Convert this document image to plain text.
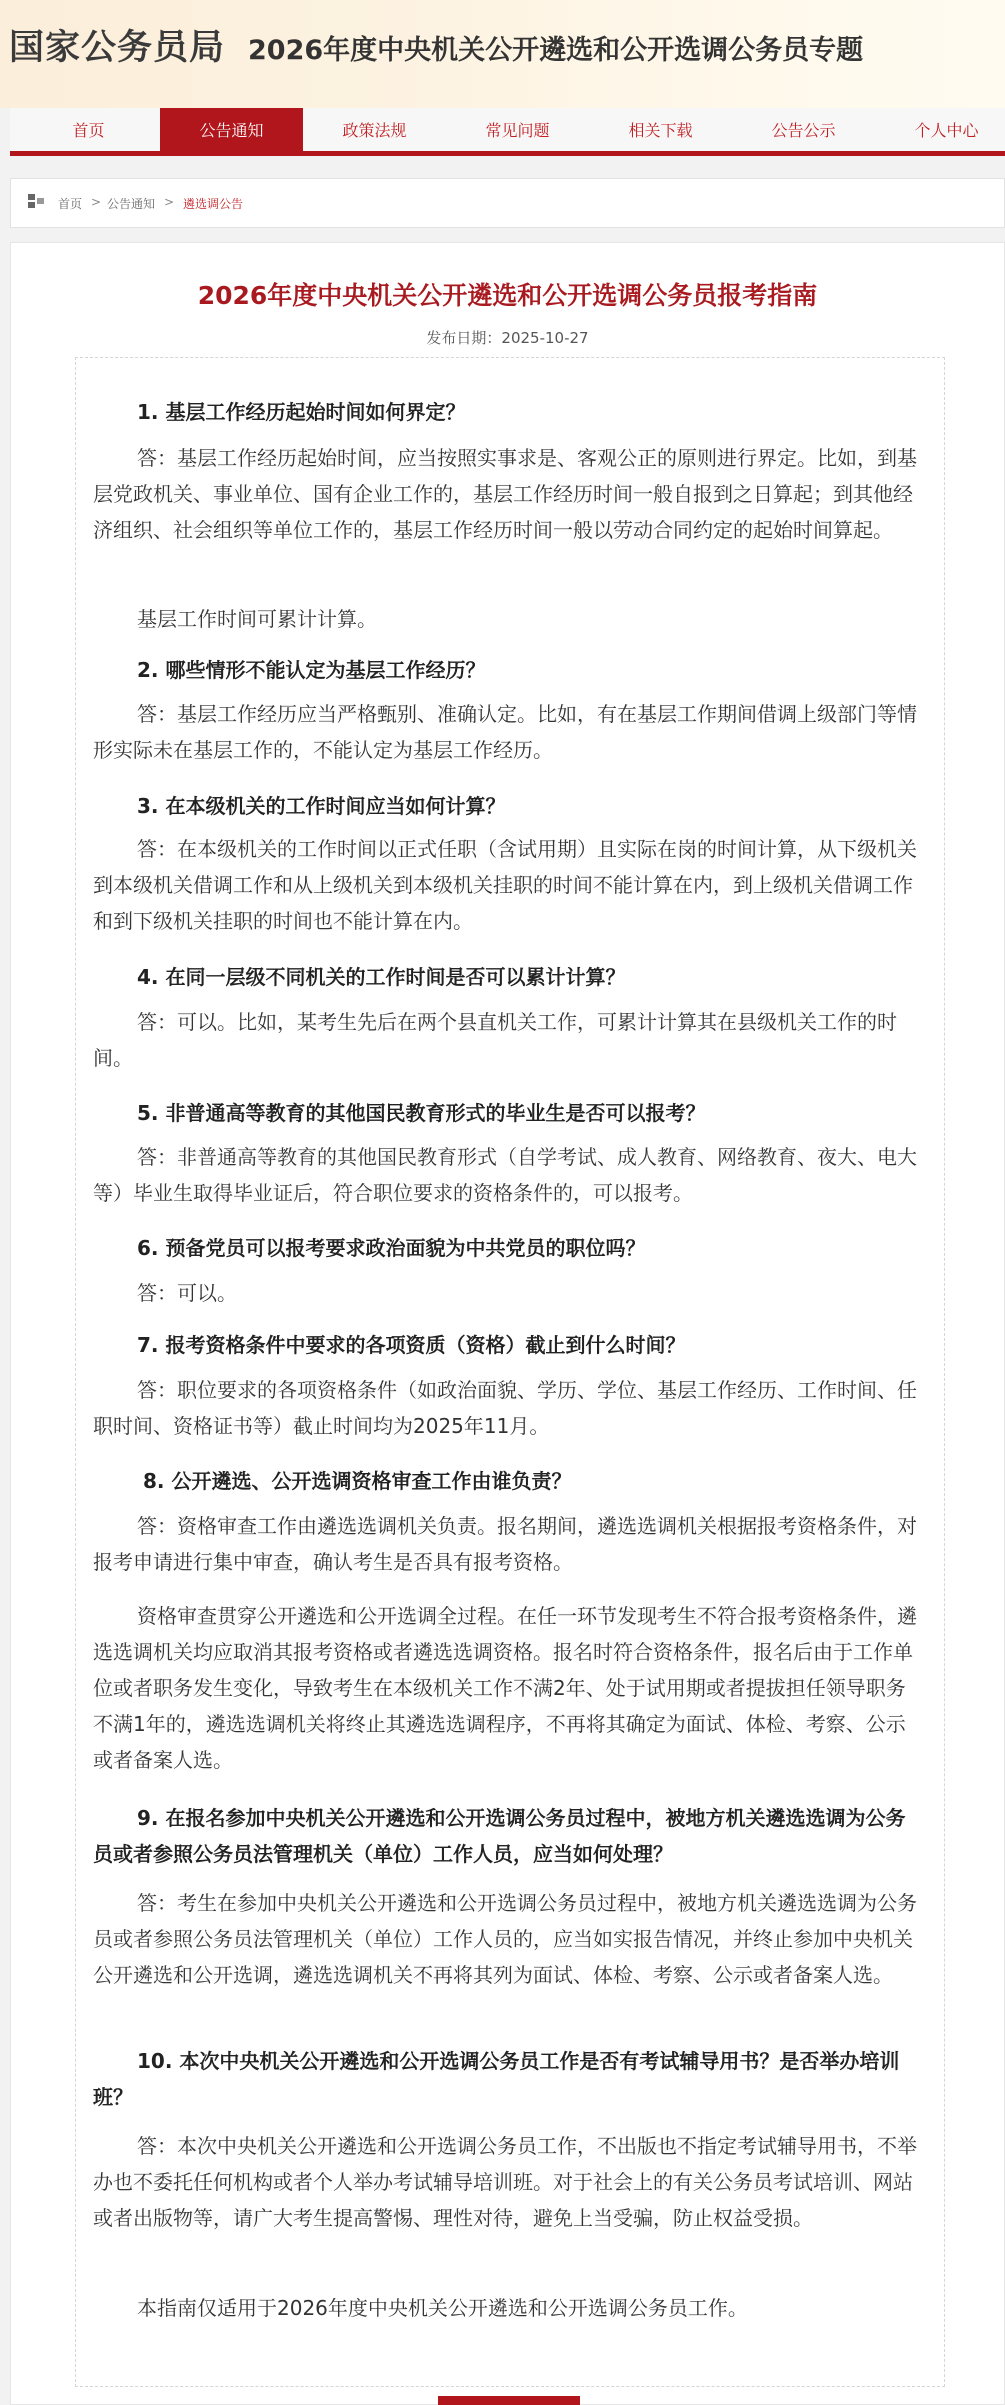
国家公务员局 2026年度中央机关公开遴选和公开选调公务员专题
首页	公告通知	政策法规	常见问题	相关下载	公告公示	个人中心
首页 > 公告通知 > 遴选调公告
2026年度中央机关公开遴选和公开选调公务员报考指南
发布日期：2025-10-27
1. 基层工作经历起始时间如何界定？
答：基层工作经历起始时间，应当按照实事求是、客观公正的原则进行界定。比如，到基层党政机关、事业单位、国有企业工作的，基层工作经历时间一般自报到之日算起；到其他经济组织、社会组织等单位工作的，基层工作经历时间一般以劳动合同约定的起始时间算起。
基层工作时间可累计计算。
2. 哪些情形不能认定为基层工作经历？
答：基层工作经历应当严格甄别、准确认定。比如，有在基层工作期间借调上级部门等情形实际未在基层工作的，不能认定为基层工作经历。
3. 在本级机关的工作时间应当如何计算？
答：在本级机关的工作时间以正式任职（含试用期）且实际在岗的时间计算，从下级机关到本级机关借调工作和从上级机关到本级机关挂职的时间不能计算在内，到上级机关借调工作和到下级机关挂职的时间也不能计算在内。
4. 在同一层级不同机关的工作时间是否可以累计计算？
答：可以。比如，某考生先后在两个县直机关工作，可累计计算其在县级机关工作的时间。
5. 非普通高等教育的其他国民教育形式的毕业生是否可以报考？
答：非普通高等教育的其他国民教育形式（自学考试、成人教育、网络教育、夜大、电大等）毕业生取得毕业证后，符合职位要求的资格条件的，可以报考。
6. 预备党员可以报考要求政治面貌为中共党员的职位吗？
答：可以。
7. 报考资格条件中要求的各项资质（资格）截止到什么时间？
答：职位要求的各项资格条件（如政治面貌、学历、学位、基层工作经历、工作时间、任职时间、资格证书等）截止时间均为2025年11月。
8. 公开遴选、公开选调资格审查工作由谁负责？
答：资格审查工作由遴选选调机关负责。报名期间，遴选选调机关根据报考资格条件，对报考申请进行集中审查，确认考生是否具有报考资格。
资格审查贯穿公开遴选和公开选调全过程。在任一环节发现考生不符合报考资格条件，遴选选调机关均应取消其报考资格或者遴选选调资格。报名时符合资格条件，报名后由于工作单位或者职务发生变化，导致考生在本级机关工作不满2年、处于试用期或者提拔担任领导职务不满1年的，遴选选调机关将终止其遴选选调程序，不再将其确定为面试、体检、考察、公示或者备案人选。
9. 在报名参加中央机关公开遴选和公开选调公务员过程中，被地方机关遴选选调为公务员或者参照公务员法管理机关（单位）工作人员，应当如何处理？
答：考生在参加中央机关公开遴选和公开选调公务员过程中，被地方机关遴选选调为公务员或者参照公务员法管理机关（单位）工作人员的，应当如实报告情况，并终止参加中央机关公开遴选和公开选调，遴选选调机关不再将其列为面试、体检、考察、公示或者备案人选。
10. 本次中央机关公开遴选和公开选调公务员工作是否有考试辅导用书？是否举办培训班？
答：本次中央机关公开遴选和公开选调公务员工作，不出版也不指定考试辅导用书，不举办也不委托任何机构或者个人举办考试辅导培训班。对于社会上的有关公务员考试培训、网站或者出版物等，请广大考生提高警惕、理性对待，避免上当受骗，防止权益受损。
本指南仅适用于2026年度中央机关公开遴选和公开选调公务员工作。
